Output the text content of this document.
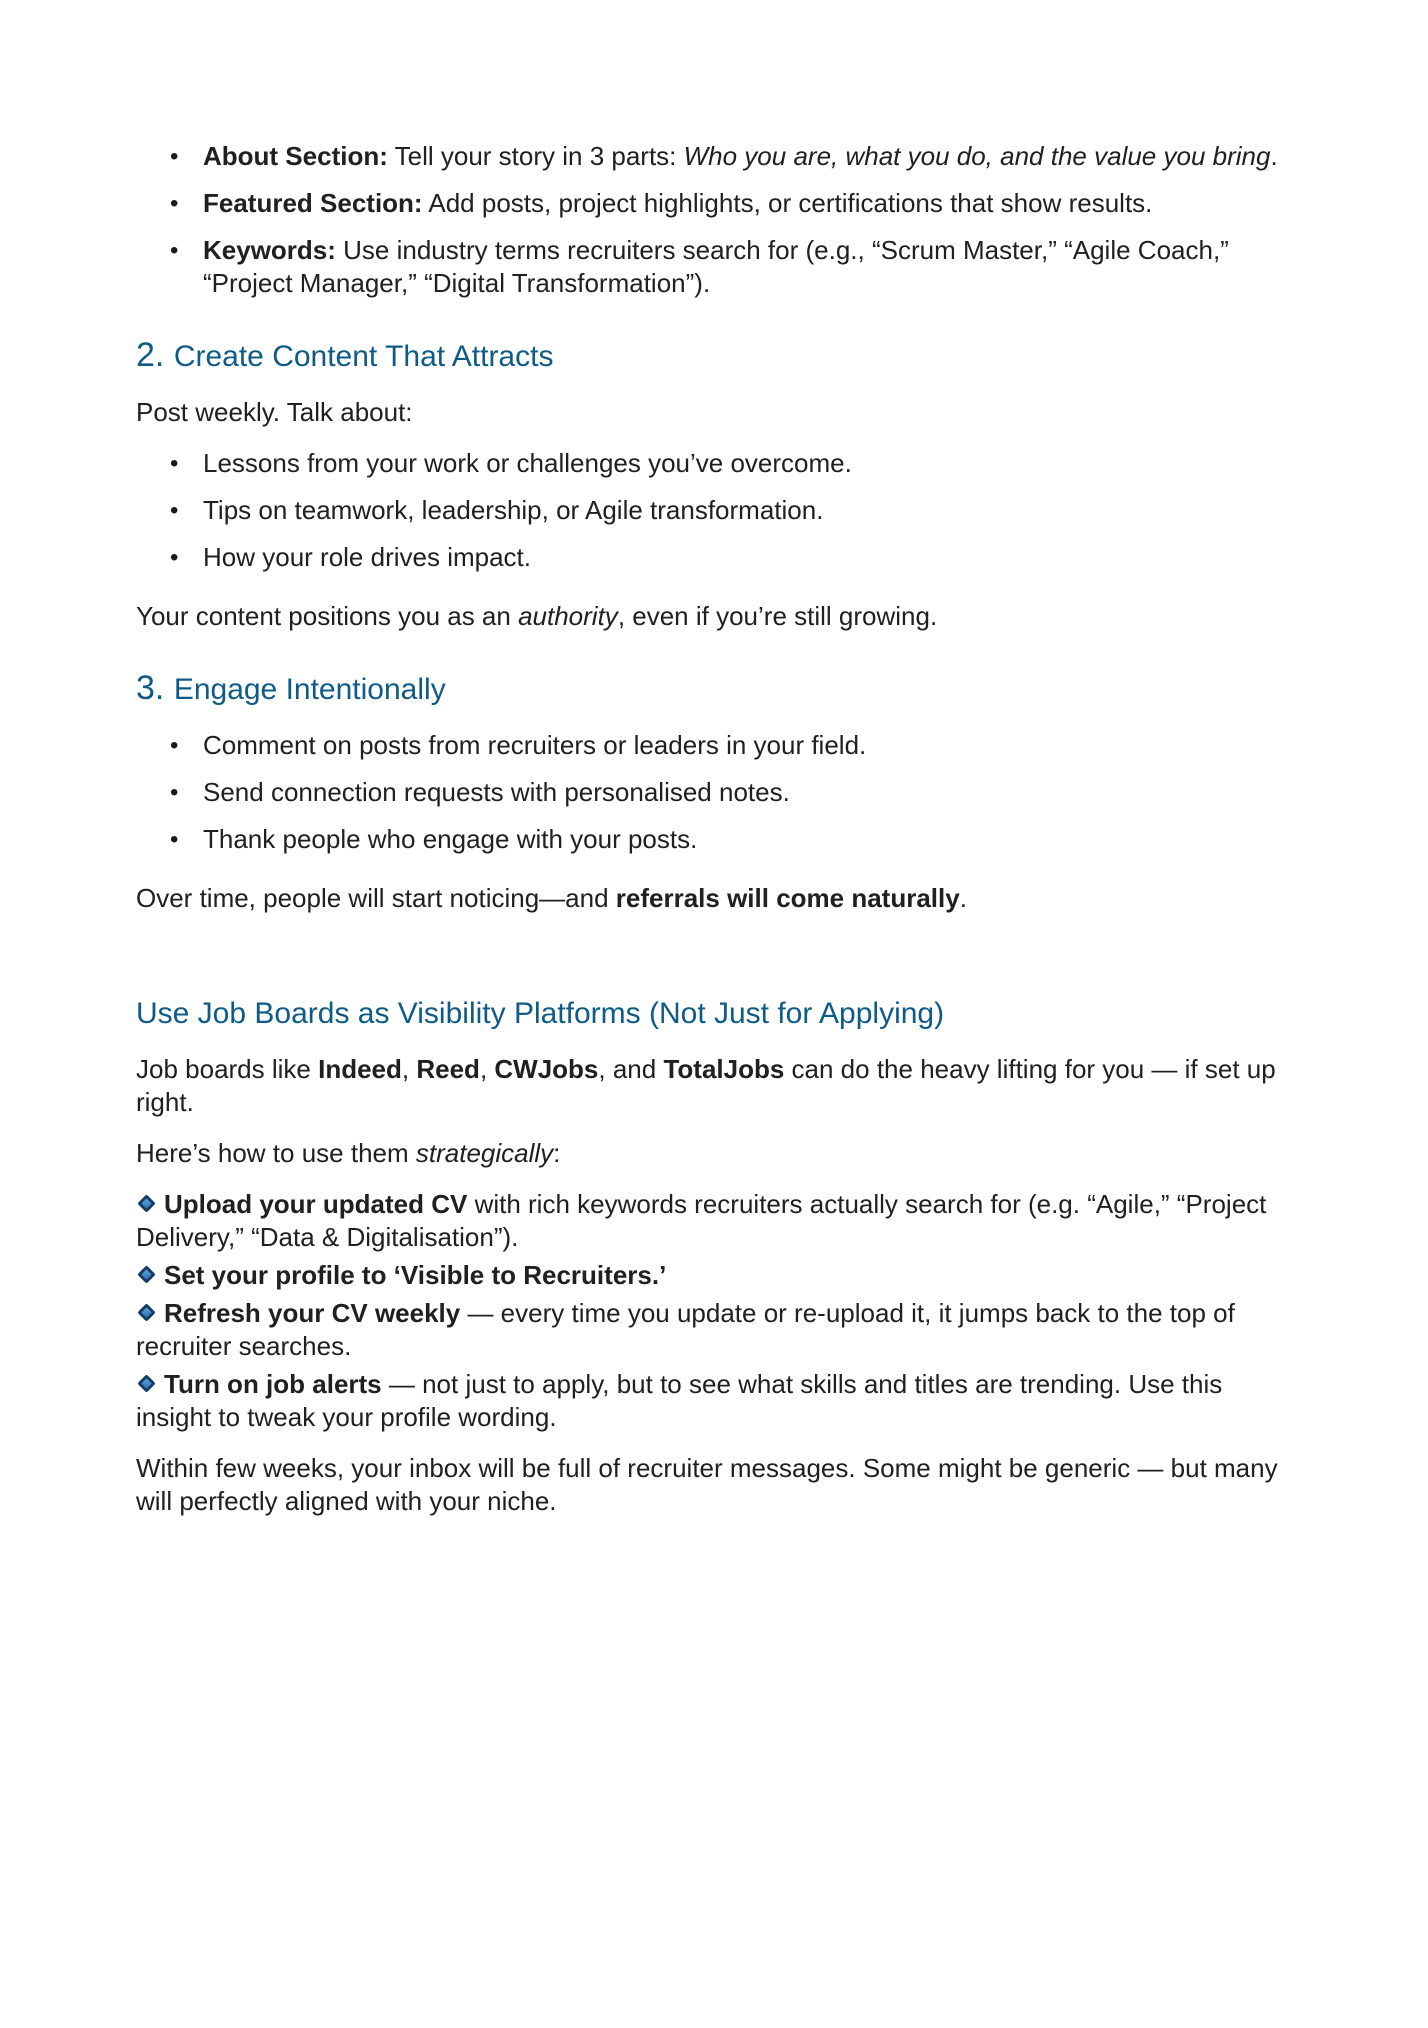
• About Section: Tell your story in 3 parts: Who you are, what you do, and the value you bring.
• Featured Section: Add posts, project highlights, or certifications that show results.
• Keywords: Use industry terms recruiters search for (e.g., “Scrum Master,” “Agile Coach,” “Project Manager,” “Digital Transformation”).
2. Create Content That Attracts

Post weekly. Talk about:

• Lessons from your work or challenges you’ve overcome.
• Tips on teamwork, leadership, or Agile transformation.
• How your role drives impact.

Your content positions you as an authority, even if you’re still growing.

3. Engage Intentionally
• Comment on posts from recruiters or leaders in your field.
• Send connection requests with personalised notes.
• Thank people who engage with your posts.

Over time, people will start noticing—and referrals will come naturally.

Use Job Boards as Visibility Platforms (Not Just for Applying)

Job boards like Indeed, Reed, CWJobs, and TotalJobs can do the heavy lifting for you — if set up right.

Here’s how to use them strategically:

Upload your updated CV with rich keywords recruiters actually search for (e.g. “Agile,” “Project Delivery,” “Data & Digitalisation”).

Set your profile to ‘Visible to Recruiters.’

Refresh your CV weekly — every time you update or re-upload it, it jumps back to the top of recruiter searches.

Turn on job alerts — not just to apply, but to see what skills and titles are trending. Use this insight to tweak your profile wording.

Within few weeks, your inbox will be full of recruiter messages. Some might be generic — but many will perfectly aligned with your niche.
